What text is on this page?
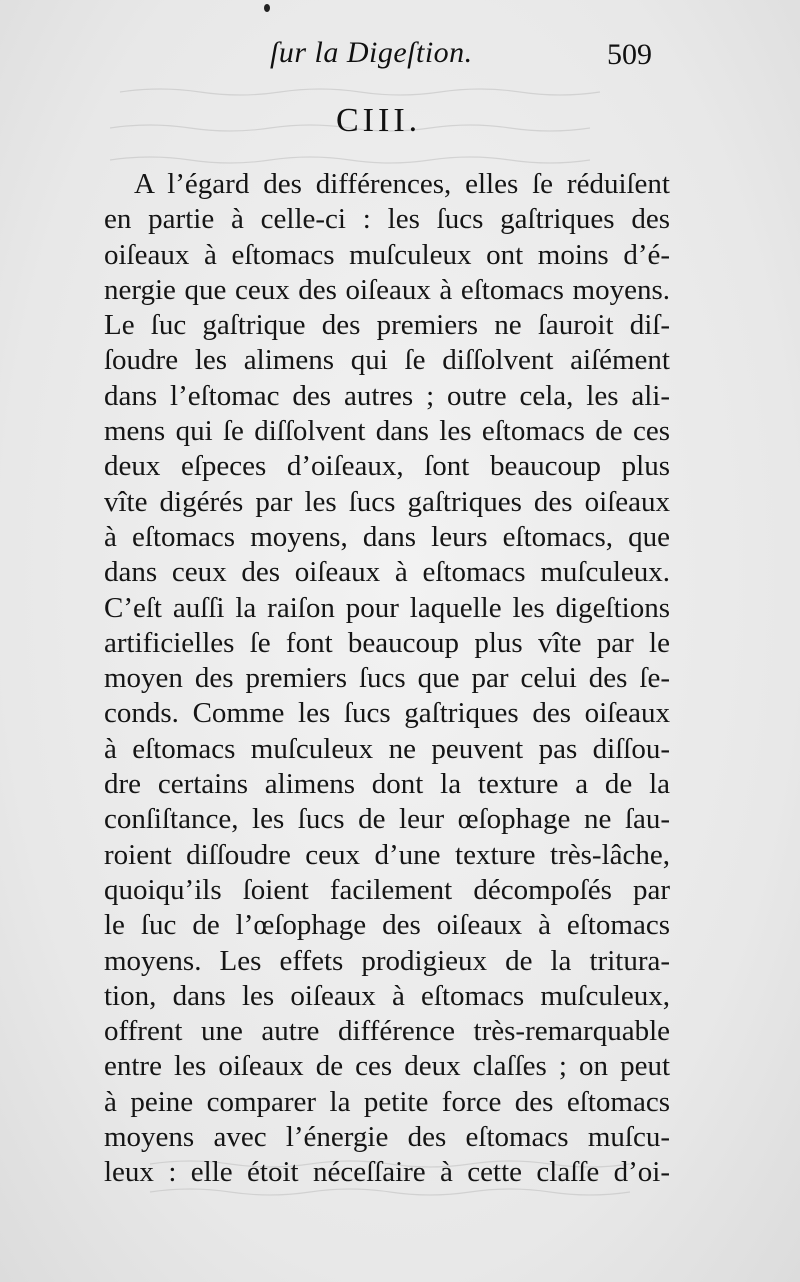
ſur la Digeſtion.	509
CIII.
A l’égard des différences, elles ſe réduiſent
en partie à celle-ci : les ſucs gaſtriques des
oiſeaux à eſtomacs muſculeux ont moins d’é-
nergie que ceux des oiſeaux à eſtomacs moyens.
Le ſuc gaſtrique des premiers ne ſauroit diſ-
ſoudre les alimens qui ſe diſſolvent aiſément
dans l’eſtomac des autres ; outre cela, les ali-
mens qui ſe diſſolvent dans les eſtomacs de ces
deux eſpeces d’oiſeaux, ſont beaucoup plus
vîte digérés par les ſucs gaſtriques des oiſeaux
à eſtomacs moyens, dans leurs eſtomacs, que
dans ceux des oiſeaux à eſtomacs muſculeux.
C’eſt auſſi la raiſon pour laquelle les digeſtions
artificielles ſe font beaucoup plus vîte par le
moyen des premiers ſucs que par celui des ſe-
conds. Comme les ſucs gaſtriques des oiſeaux
à eſtomacs muſculeux ne peuvent pas diſſou-
dre certains alimens dont la texture a de la
conſiſtance, les ſucs de leur œſophage ne ſau-
roient diſſoudre ceux d’une texture très-lâche,
quoiqu’ils ſoient facilement décompoſés par
le ſuc de l’œſophage des oiſeaux à eſtomacs
moyens. Les effets prodigieux de la tritura-
tion, dans les oiſeaux à eſtomacs muſculeux,
offrent une autre différence très-remarquable
entre les oiſeaux de ces deux claſſes ; on peut
à peine comparer la petite force des eſtomacs
moyens avec l’énergie des eſtomacs muſcu-
leux : elle étoit néceſſaire à cette claſſe d’oi-
